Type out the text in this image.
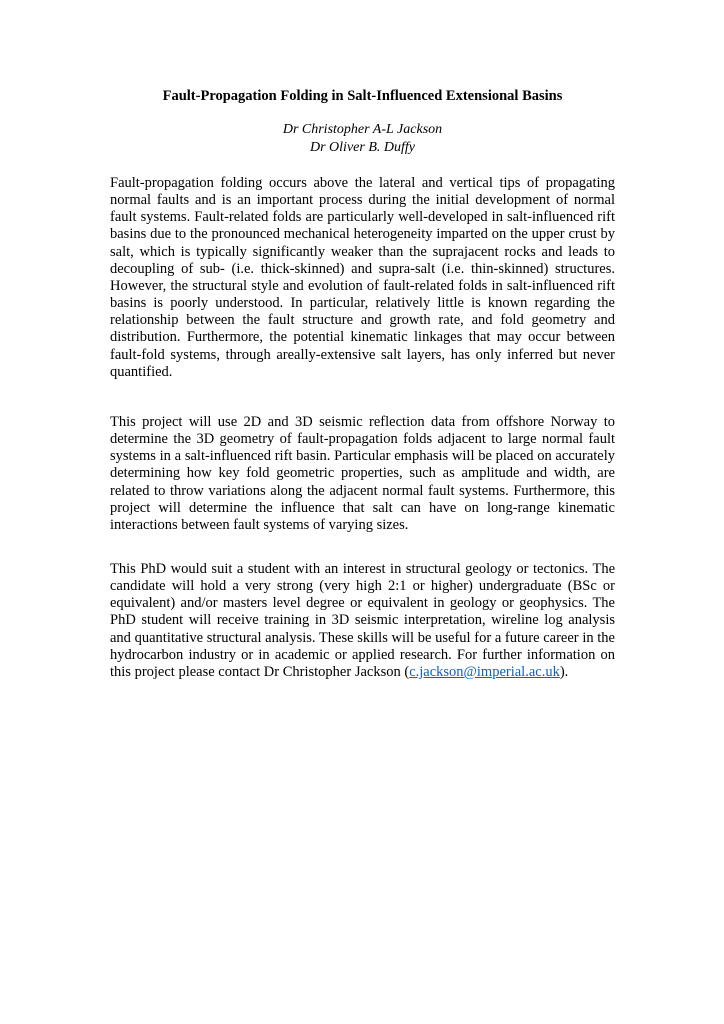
Fault-Propagation Folding in Salt-Influenced Extensional Basins
Dr Christopher A-L Jackson
Dr Oliver B. Duffy

Fault-propagation folding occurs above the lateral and vertical tips of propagating normal faults and is an important process during the initial development of normal fault systems. Fault-related folds are particularly well-developed in salt-influenced rift basins due to the pronounced mechanical heterogeneity imparted on the upper crust by salt, which is typically significantly weaker than the suprajacent rocks and leads to decoupling of sub- (i.e. thick-skinned) and supra-salt (i.e. thin-skinned) structures. However, the structural style and evolution of fault-related folds in salt-influenced rift basins is poorly understood. In particular, relatively little is known regarding the relationship between the fault structure and growth rate, and fold geometry and distribution. Furthermore, the potential kinematic linkages that may occur between fault-fold systems, through areally-extensive salt layers, has only inferred but never quantified.

This project will use 2D and 3D seismic reflection data from offshore Norway to determine the 3D geometry of fault-propagation folds adjacent to large normal fault systems in a salt-influenced rift basin. Particular emphasis will be placed on accurately determining how key fold geometric properties, such as amplitude and width, are related to throw variations along the adjacent normal fault systems. Furthermore, this project will determine the influence that salt can have on long-range kinematic interactions between fault systems of varying sizes.

This PhD would suit a student with an interest in structural geology or tectonics. The candidate will hold a very strong (very high 2:1 or higher) undergraduate (BSc or equivalent) and/or masters level degree or equivalent in geology or geophysics. The PhD student will receive training in 3D seismic interpretation, wireline log analysis and quantitative structural analysis. These skills will be useful for a future career in the hydrocarbon industry or in academic or applied research. For further information on this project please contact Dr Christopher Jackson (c.jackson@imperial.ac.uk).
